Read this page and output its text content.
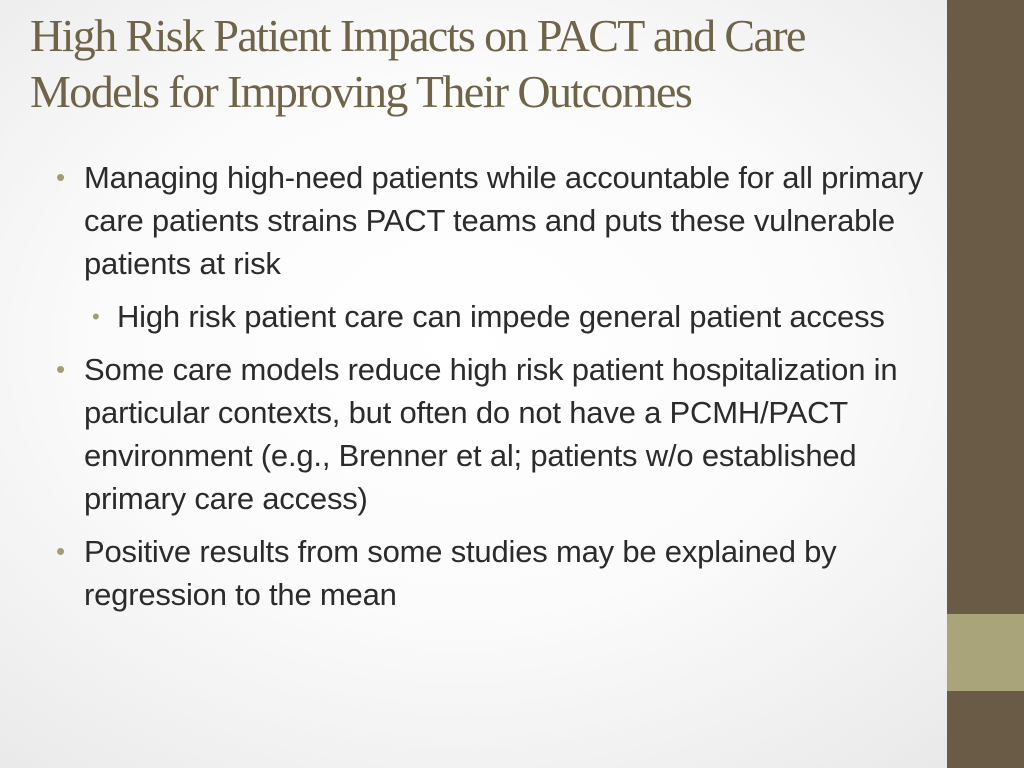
High Risk Patient Impacts on PACT and Care Models for Improving Their Outcomes
• Managing high-need patients while accountable for all primary care patients strains PACT teams and puts these vulnerable patients at risk
• High risk patient care can impede general patient access
• Some care models reduce high risk patient hospitalization in particular contexts, but often do not have a PCMH/PACT environment (e.g., Brenner et al; patients w/o established primary care access)
• Positive results from some studies may be explained by regression to the mean
